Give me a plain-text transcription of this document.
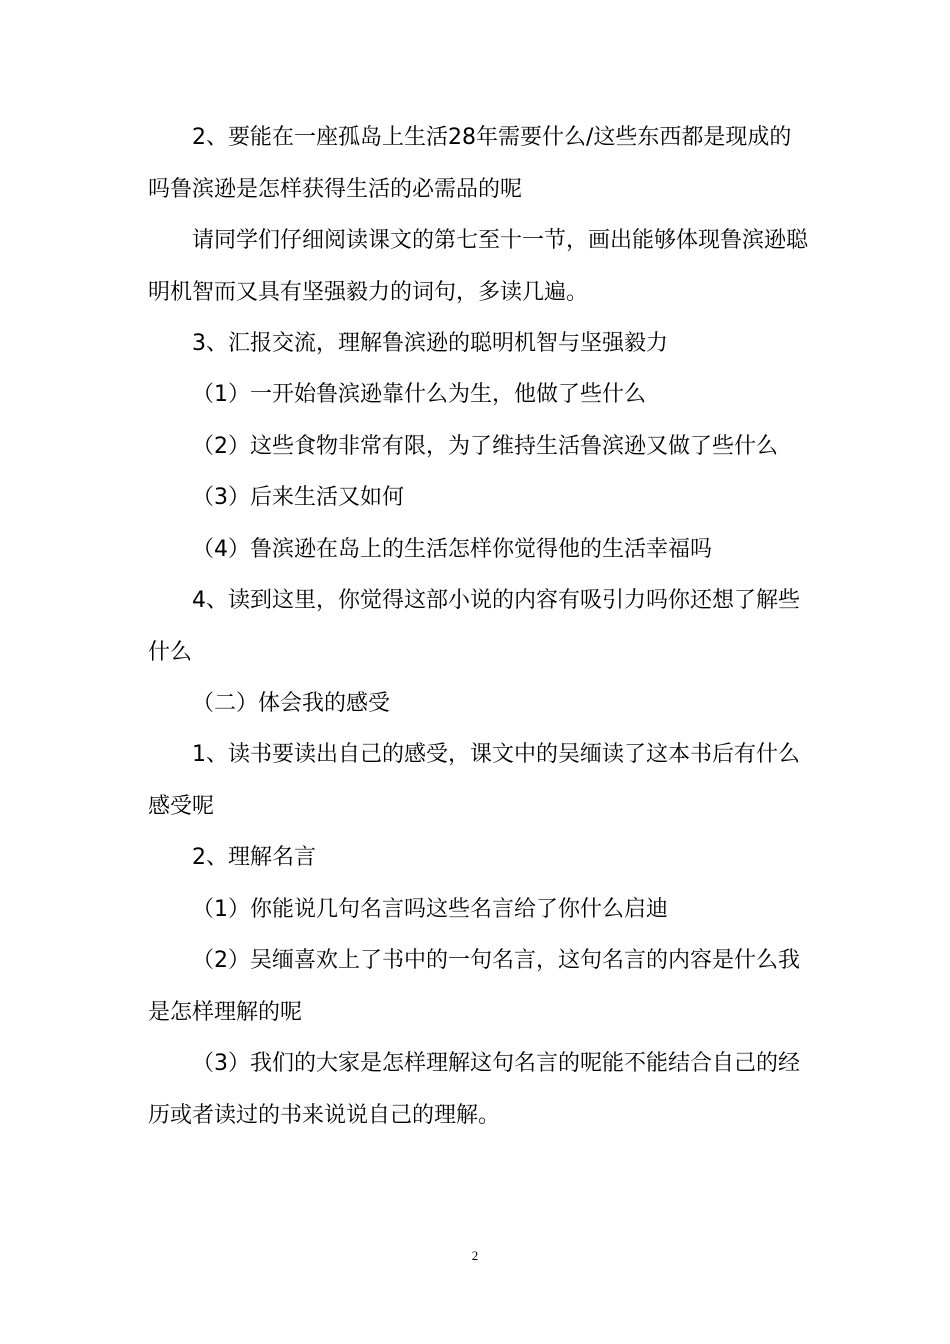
2、要能在一座孤岛上生活28年需要什么/这些东西都是现成的吗鲁滨逊是怎样获得生活的必需品的呢

请同学们仔细阅读课文的第七至十一节，画出能够体现鲁滨逊聪明机智而又具有坚强毅力的词句，多读几遍。

3、汇报交流，理解鲁滨逊的聪明机智与坚强毅力

（1）一开始鲁滨逊靠什么为生，他做了些什么

（2）这些食物非常有限，为了维持生活鲁滨逊又做了些什么

（3）后来生活又如何

（4）鲁滨逊在岛上的生活怎样你觉得他的生活幸福吗

4、读到这里，你觉得这部小说的内容有吸引力吗你还想了解些什么

（二）体会我的感受

1、读书要读出自己的感受，课文中的吴缅读了这本书后有什么感受呢

2、理解名言

（1）你能说几句名言吗这些名言给了你什么启迪

（2）吴缅喜欢上了书中的一句名言，这句名言的内容是什么我是怎样理解的呢

（3）我们的大家是怎样理解这句名言的呢能不能结合自己的经历或者读过的书来说说自己的理解。

2
